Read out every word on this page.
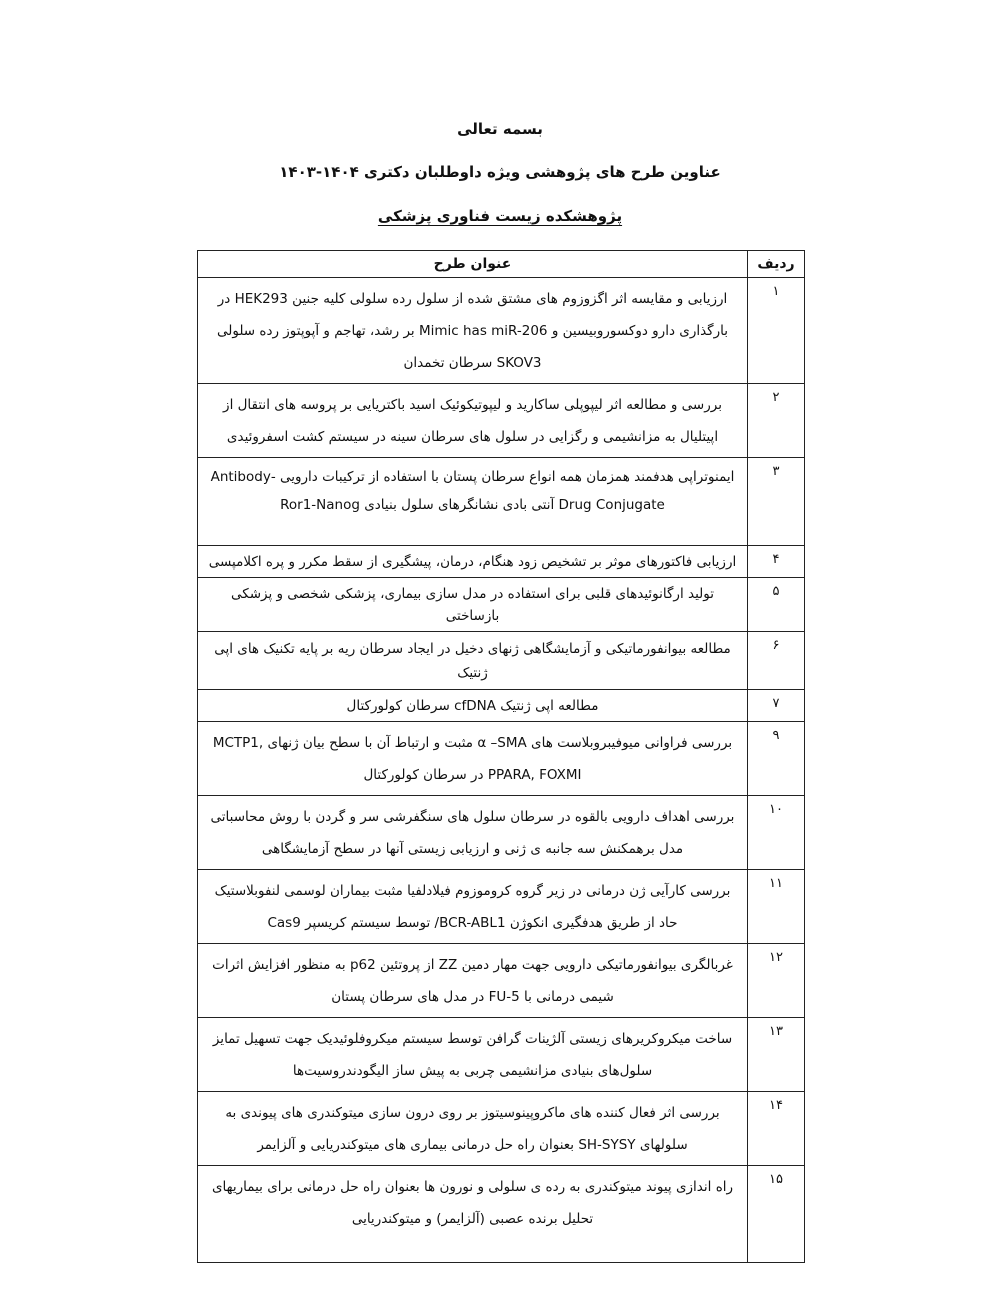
بسمه تعالی
عناوین طرح های پژوهشی ویژه داوطلبان دکتری ۱۴۰۴-۱۴۰۳
پژوهشکده زیست فناوری پزشکی
ردیف	عنوان طرح
۱	ارزیابی و مقایسه اثر اگزوزوم های مشتق شده از سلول رده سلولی کلیه جنین HEK293 در بارگذاری دارو دوکسوروبیسین و Mimic has miR-206 بر رشد، تهاجم و آپوپتوز رده سلولی SKOV3 سرطان تخمدان
۲	بررسی و مطالعه اثر لیپوپلی ساکارید و لیپوتیکوئیک اسید باکتریایی بر پروسه های انتقال از اپیتلیال به مزانشیمی و رگزایی در سلول های سرطان سینه در سیستم کشت اسفروئیدی
۳	ایمنوتراپی هدفمند همزمان همه انواع سرطان پستان با استفاده از ترکیبات دارویی -Antibody Drug Conjugate آنتی بادی نشانگرهای سلول بنیادی Ror1-Nanog
۴	ارزیابی فاکتورهای موثر بر تشخیص زود هنگام، درمان، پیشگیری از سقط مکرر و پره اکلامپسی
۵	تولید ارگانوئیدهای قلبی برای استفاده در مدل سازی بیماری، پزشکی شخصی و پزشکی بازساختی
۶	مطالعه بیوانفورماتیکی و آزمایشگاهی ژنهای دخیل در ایجاد سرطان ریه بر پایه تکنیک های اپی ژنتیک
۷	مطالعه اپی ژنتیک cfDNA سرطان کولورکتال
۹	بررسی فراوانی میوفیبروبلاست های α –SMA مثبت و ارتباط آن با سطح بیان ژنهای MCTP1, PPARA, FOXMI در سرطان کولورکتال
۱۰	بررسی اهداف دارویی بالقوه در سرطان سلول های سنگفرشی سر و گردن با روش محاسباتی مدل برهمکنش سه جانبه ی ژنی و ارزیابی زیستی آنها در سطح آزمایشگاهی
۱۱	بررسی کارآیی ژن درمانی در زیر گروه کروموزوم فیلادلفیا مثبت بیماران لوسمی لنفوبلاستیک حاد از طریق هدفگیری انکوژن BCR-ABL1/ توسط سیستم کریسپر Cas9
۱۲	غربالگری بیوانفورماتیکی دارویی جهت مهار دمین ZZ از پروتئین p62 به منظور افزایش اثرات شیمی درمانی با FU-5 در مدل های سرطان پستان
۱۳	ساخت میکروکریرهای زیستی آلژینات گرافن توسط سیستم میکروفلوئیدیک جهت تسهیل تمایز سلول‌های بنیادی مزانشیمی چربی به پیش ساز الیگودندروسیت‌ها
۱۴	بررسی اثر فعال کننده های ماکروپینوسیتوز بر روی درون سازی میتوکندری های پیوندی به سلولهای SH-SYSY بعنوان راه حل درمانی بیماری های میتوکندریایی و آلزایمر
۱۵	راه اندازی پیوند میتوکندری به رده ی سلولی و نورون ها بعنوان راه حل درمانی برای بیماریهای تحلیل برنده عصبی (آلزایمر) و میتوکندریایی
